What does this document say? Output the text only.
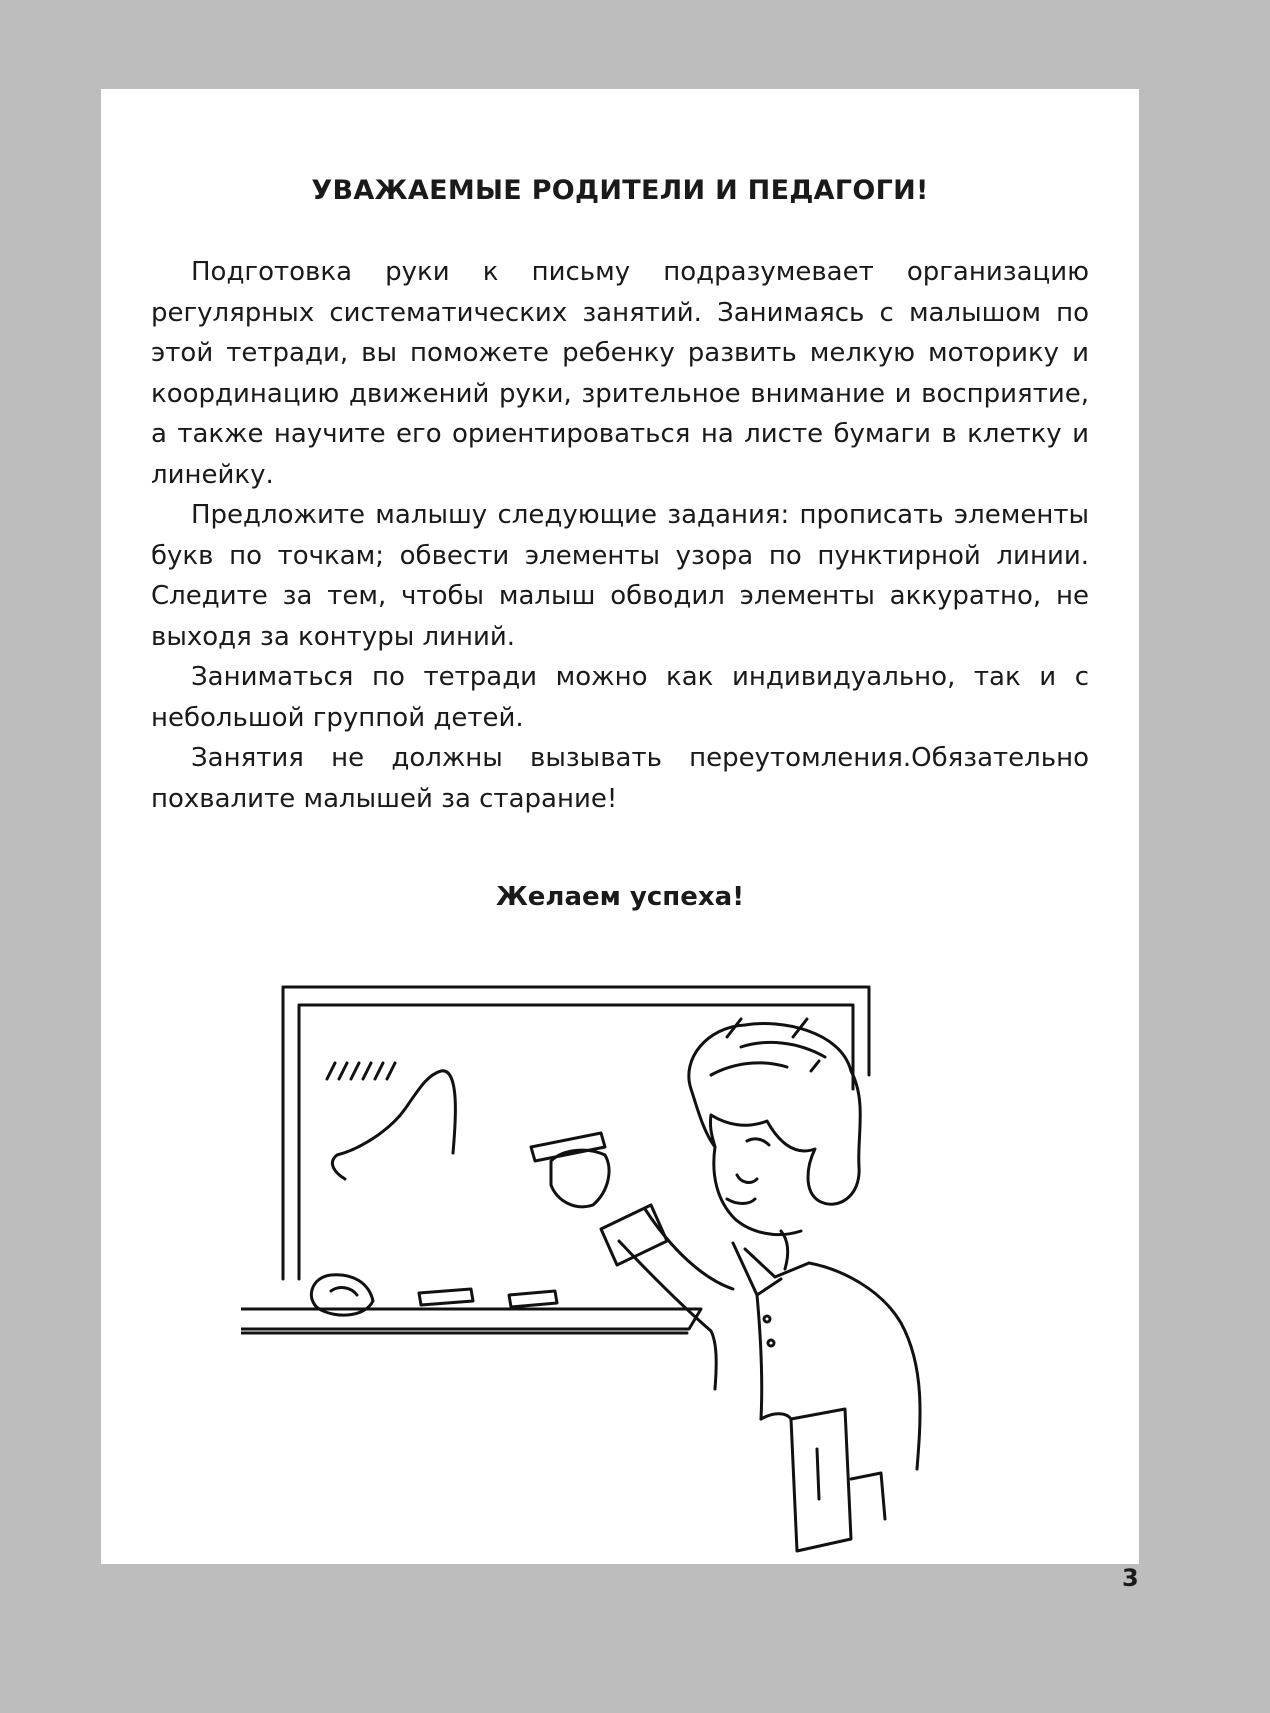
УВАЖАЕМЫЕ РОДИТЕЛИ И ПЕДАГОГИ!

Подготовка руки к письму подразумевает организацию регулярных систематических занятий. Занимаясь с малышом по этой тетради, вы поможете ребенку развить мелкую моторику и координацию движений руки, зрительное внимание и восприятие, а также научите его ориентироваться на листе бумаги в клетку и линейку.

Предложите малышу следующие задания: прописать элементы букв по точкам; обвести элементы узора по пунктирной линии. Следите за тем, чтобы малыш обводил элементы аккуратно, не выходя за контуры линий.

Заниматься по тетради можно как индивидуально, так и с небольшой группой детей.

Занятия не должны вызывать переутомления.Обязательно похвалите малышей за старание!

Желаем успеха!
3
